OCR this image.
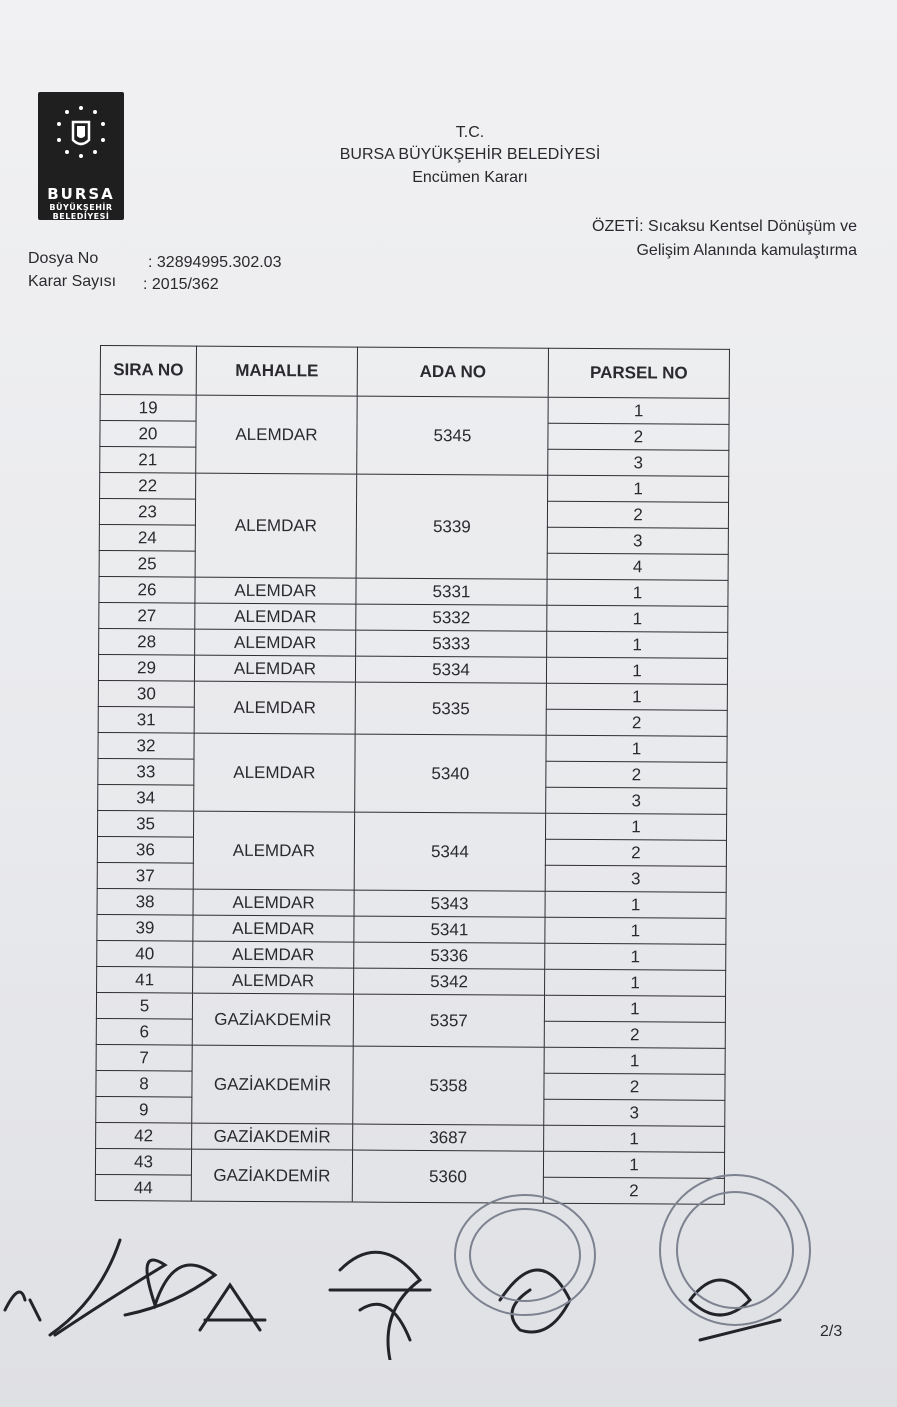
BURSA
BÜYÜKŞEHİR
BELEDİYESİ
T.C.
BURSA BÜYÜKŞEHİR BELEDİYESİ
Encümen Kararı
ÖZETİ: Sıcaksu Kentsel Dönüşüm ve
Gelişim Alanında kamulaştırma
Dosya No	: 32894995.302.03
Karar Sayısı : 2015/362
SIRA NO	MAHALLE	ADA NO	PARSEL NO
19	ALEMDAR	5345	1
20			2
21			3
22	ALEMDAR	5339	1
23			2
24			3
25			4
26	ALEMDAR	5331	1
27	ALEMDAR	5332	1
28	ALEMDAR	5333	1
29	ALEMDAR	5334	1
30	ALEMDAR	5335	1
31			2
32	ALEMDAR	5340	1
33			2
34			3
35	ALEMDAR	5344	1
36			2
37			3
38	ALEMDAR	5343	1
39	ALEMDAR	5341	1
40	ALEMDAR	5336	1
41	ALEMDAR	5342	1
5	GAZİAKDEMİR	5357	1
6			2
7	GAZİAKDEMİR	5358	1
8			2
9			3
42	GAZİAKDEMİR	3687	1
43	GAZİAKDEMİR	5360	1
44			2
2/3
